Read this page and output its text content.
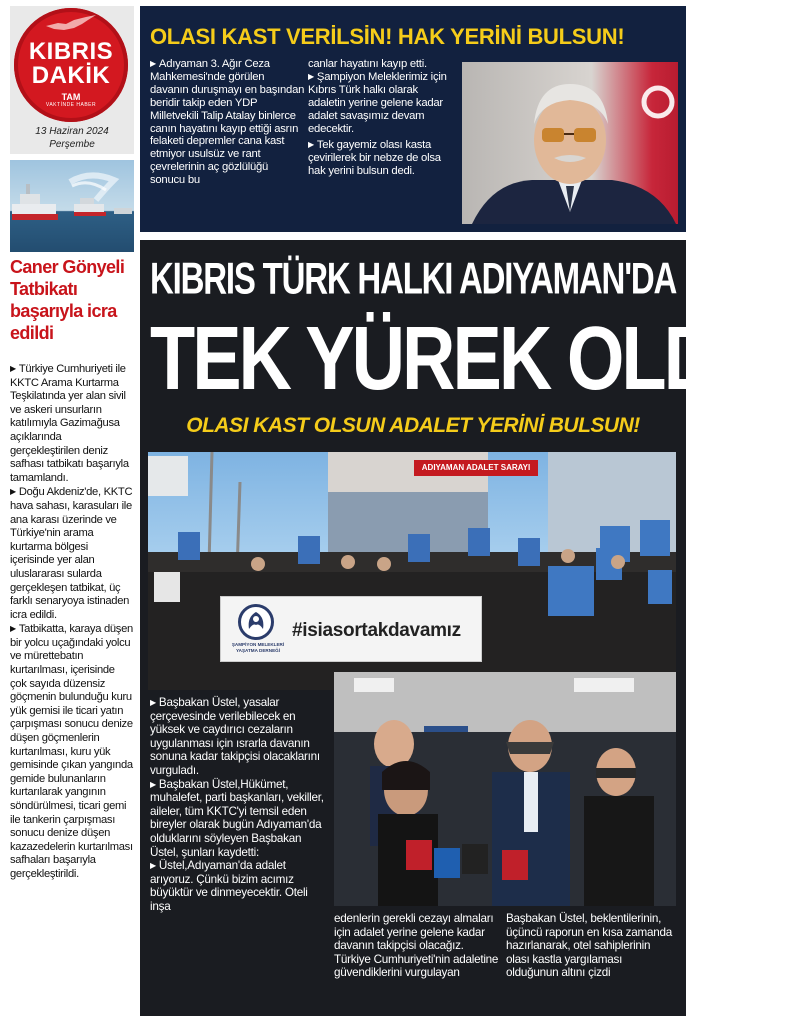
KIBRIS
DAKİK
TAM
VAKTİNDE HABER
13 Haziran 2024
Perşembe
Caner Gönyeli Tatbikatı başarıyla icra edildi

▶ Türkiye Cumhuriyeti ile KKTC Arama Kurtarma Teşkilatında yer alan sivil ve askeri unsurların katılımıyla Gazimağusa açıklarında gerçekleştirilen deniz safhası tatbikatı başarıyla tamamlandı.

▶ Doğu Akdeniz'de, KKTC hava sahası, karasuları ile ana karası üzerinde ve Türkiye'nin arama kurtarma bölgesi içerisinde yer alan uluslararası sularda gerçekleşen tatbikat, üç farklı senaryoya istinaden icra edildi.

▶ Tatbikatta, karaya düşen bir yolcu uçağındaki yolcu ve mürettebatın kurtarılması, içerisinde çok sayıda düzensiz göçmenin bulunduğu kuru yük gemisi ile ticari yatın çarpışması sonucu denize düşen göçmenlerin kurtarılması, kuru yük gemisinde çıkan yangında gemide bulunanların kurtarılarak yangının söndürülmesi, ticari gemi ile tankerin çarpışması sonucu denize düşen kazazedelerin kurtarılması safhaları başarıyla gerçekleştirildi.

OLASI KAST VERİLSİN! HAK YERİNİ BULSUN!

▶ Adıyaman 3. Ağır Ceza Mahkemesi'nde görülen davanın duruşmayı en başından beridir takip eden YDP Milletvekili Talip Atalay binlerce canın hayatını kayıp ettiği asrın felaketi depremler cana kast etmiyor usulsüz ve rant çevrelerinin aç gözlülüğü sonucu bu

canlar hayatını kayıp etti.

▶ Şampiyon Meleklerimiz için Kıbrıs Türk halkı olarak adaletin yerine gelene kadar adalet savaşımız devam edecektir.

▶ Tek gayemiz olası kasta çevirilerek bir nebze de olsa hak yerini bulsun dedi.

KIBRIS TÜRK HALKI ADIYAMAN'DA
TEK YÜREK OLDU!
OLASI KAST OLSUN ADALET YERİNİ BULSUN!
ADIYAMAN ADALET SARAYI
ŞAMPİYON MELEKLERİ YAŞATMA DERNEĞİ
#isiasortakdavamız

▶ Başbakan Üstel, yasalar çerçevesinde verilebilecek en yüksek ve caydırıcı cezaların uygulanması için ısrarla davanın sonuna kadar takipçisi olacaklarını vurguladı.

▶ Başbakan Üstel,Hükümet, muhalefet, parti başkanları, vekiller, aileler, tüm KKTC'yi temsil eden bireyler olarak bugün Adıyaman'da olduklarını söyleyen Başbakan Üstel, şunları kaydetti:

▶ Üstel,Adıyaman'da adalet arıyoruz. Çünkü bizim acımız büyüktür ve dinmeyecektir. Oteli inşa

edenlerin gerekli cezayı almaları için adalet yerine gelene kadar davanın takipçisi olacağız. Türkiye Cumhuriyeti'nin adaletine güvendiklerini vurgulayan
Başbakan Üstel, beklentilerinin, üçüncü raporun en kısa zamanda hazırlanarak, otel sahiplerinin olası kastla yargılaması olduğunun altını çizdi
